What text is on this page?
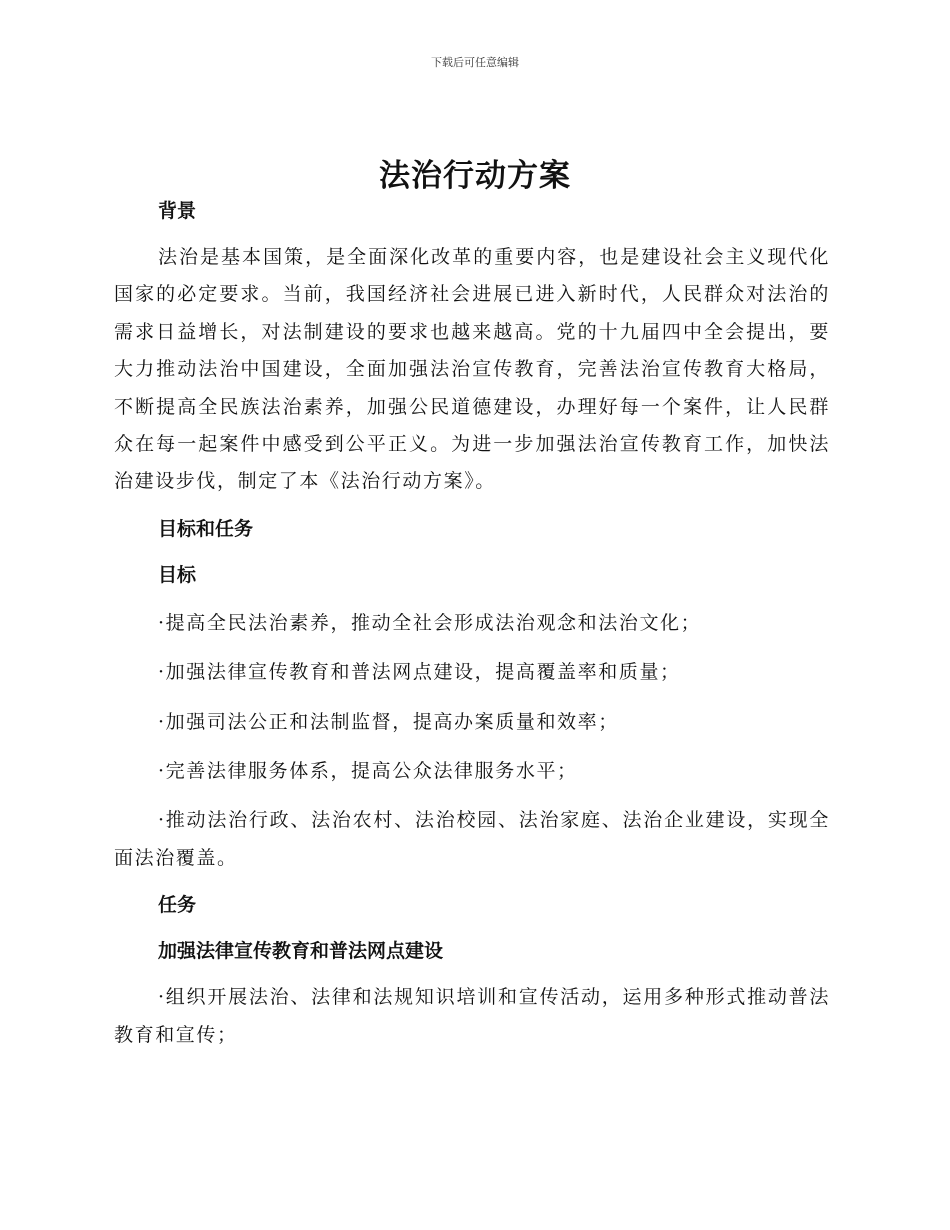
下载后可任意编辑
法治行动方案

背景

法治是基本国策，是全面深化改革的重要内容，也是建设社会主义现代化国家的必定要求。当前，我国经济社会进展已进入新时代，人民群众对法治的需求日益增长，对法制建设的要求也越来越高。党的十九届四中全会提出，要大力推动法治中国建设，全面加强法治宣传教育，完善法治宣传教育大格局，不断提高全民族法治素养，加强公民道德建设，办理好每一个案件，让人民群众在每一起案件中感受到公平正义。为进一步加强法治宣传教育工作，加快法治建设步伐，制定了本《法治行动方案》。

目标和任务

目标

·提高全民法治素养，推动全社会形成法治观念和法治文化；

·加强法律宣传教育和普法网点建设，提高覆盖率和质量；

·加强司法公正和法制监督，提高办案质量和效率；

·完善法律服务体系，提高公众法律服务水平；

·推动法治行政、法治农村、法治校园、法治家庭、法治企业建设，实现全面法治覆盖。

任务

加强法律宣传教育和普法网点建设

·组织开展法治、法律和法规知识培训和宣传活动，运用多种形式推动普法教育和宣传；
